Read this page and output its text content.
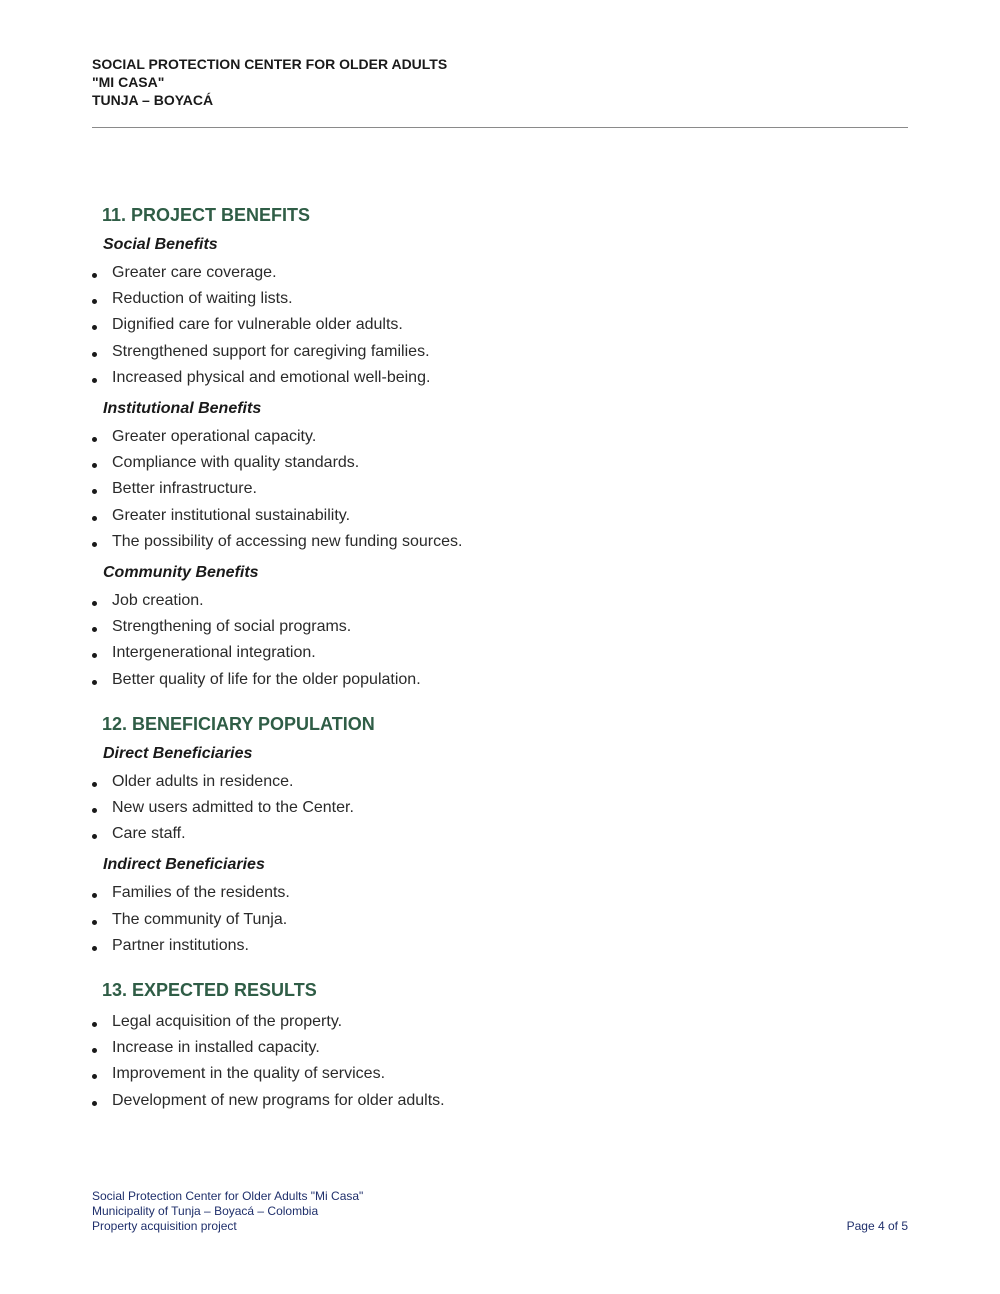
SOCIAL PROTECTION CENTER FOR OLDER ADULTS
"MI CASA"
TUNJA – BOYACÁ
11. PROJECT BENEFITS
Social Benefits
Greater care coverage.
Reduction of waiting lists.
Dignified care for vulnerable older adults.
Strengthened support for caregiving families.
Increased physical and emotional well-being.
Institutional Benefits
Greater operational capacity.
Compliance with quality standards.
Better infrastructure.
Greater institutional sustainability.
The possibility of accessing new funding sources.
Community Benefits
Job creation.
Strengthening of social programs.
Intergenerational integration.
Better quality of life for the older population.
12. BENEFICIARY POPULATION
Direct Beneficiaries
Older adults in residence.
New users admitted to the Center.
Care staff.
Indirect Beneficiaries
Families of the residents.
The community of Tunja.
Partner institutions.
13. EXPECTED RESULTS
Legal acquisition of the property.
Increase in installed capacity.
Improvement in the quality of services.
Development of new programs for older adults.
Social Protection Center for Older Adults "Mi Casa"
Municipality of Tunja – Boyacá – Colombia
Property acquisition project	Page 4 of 5
